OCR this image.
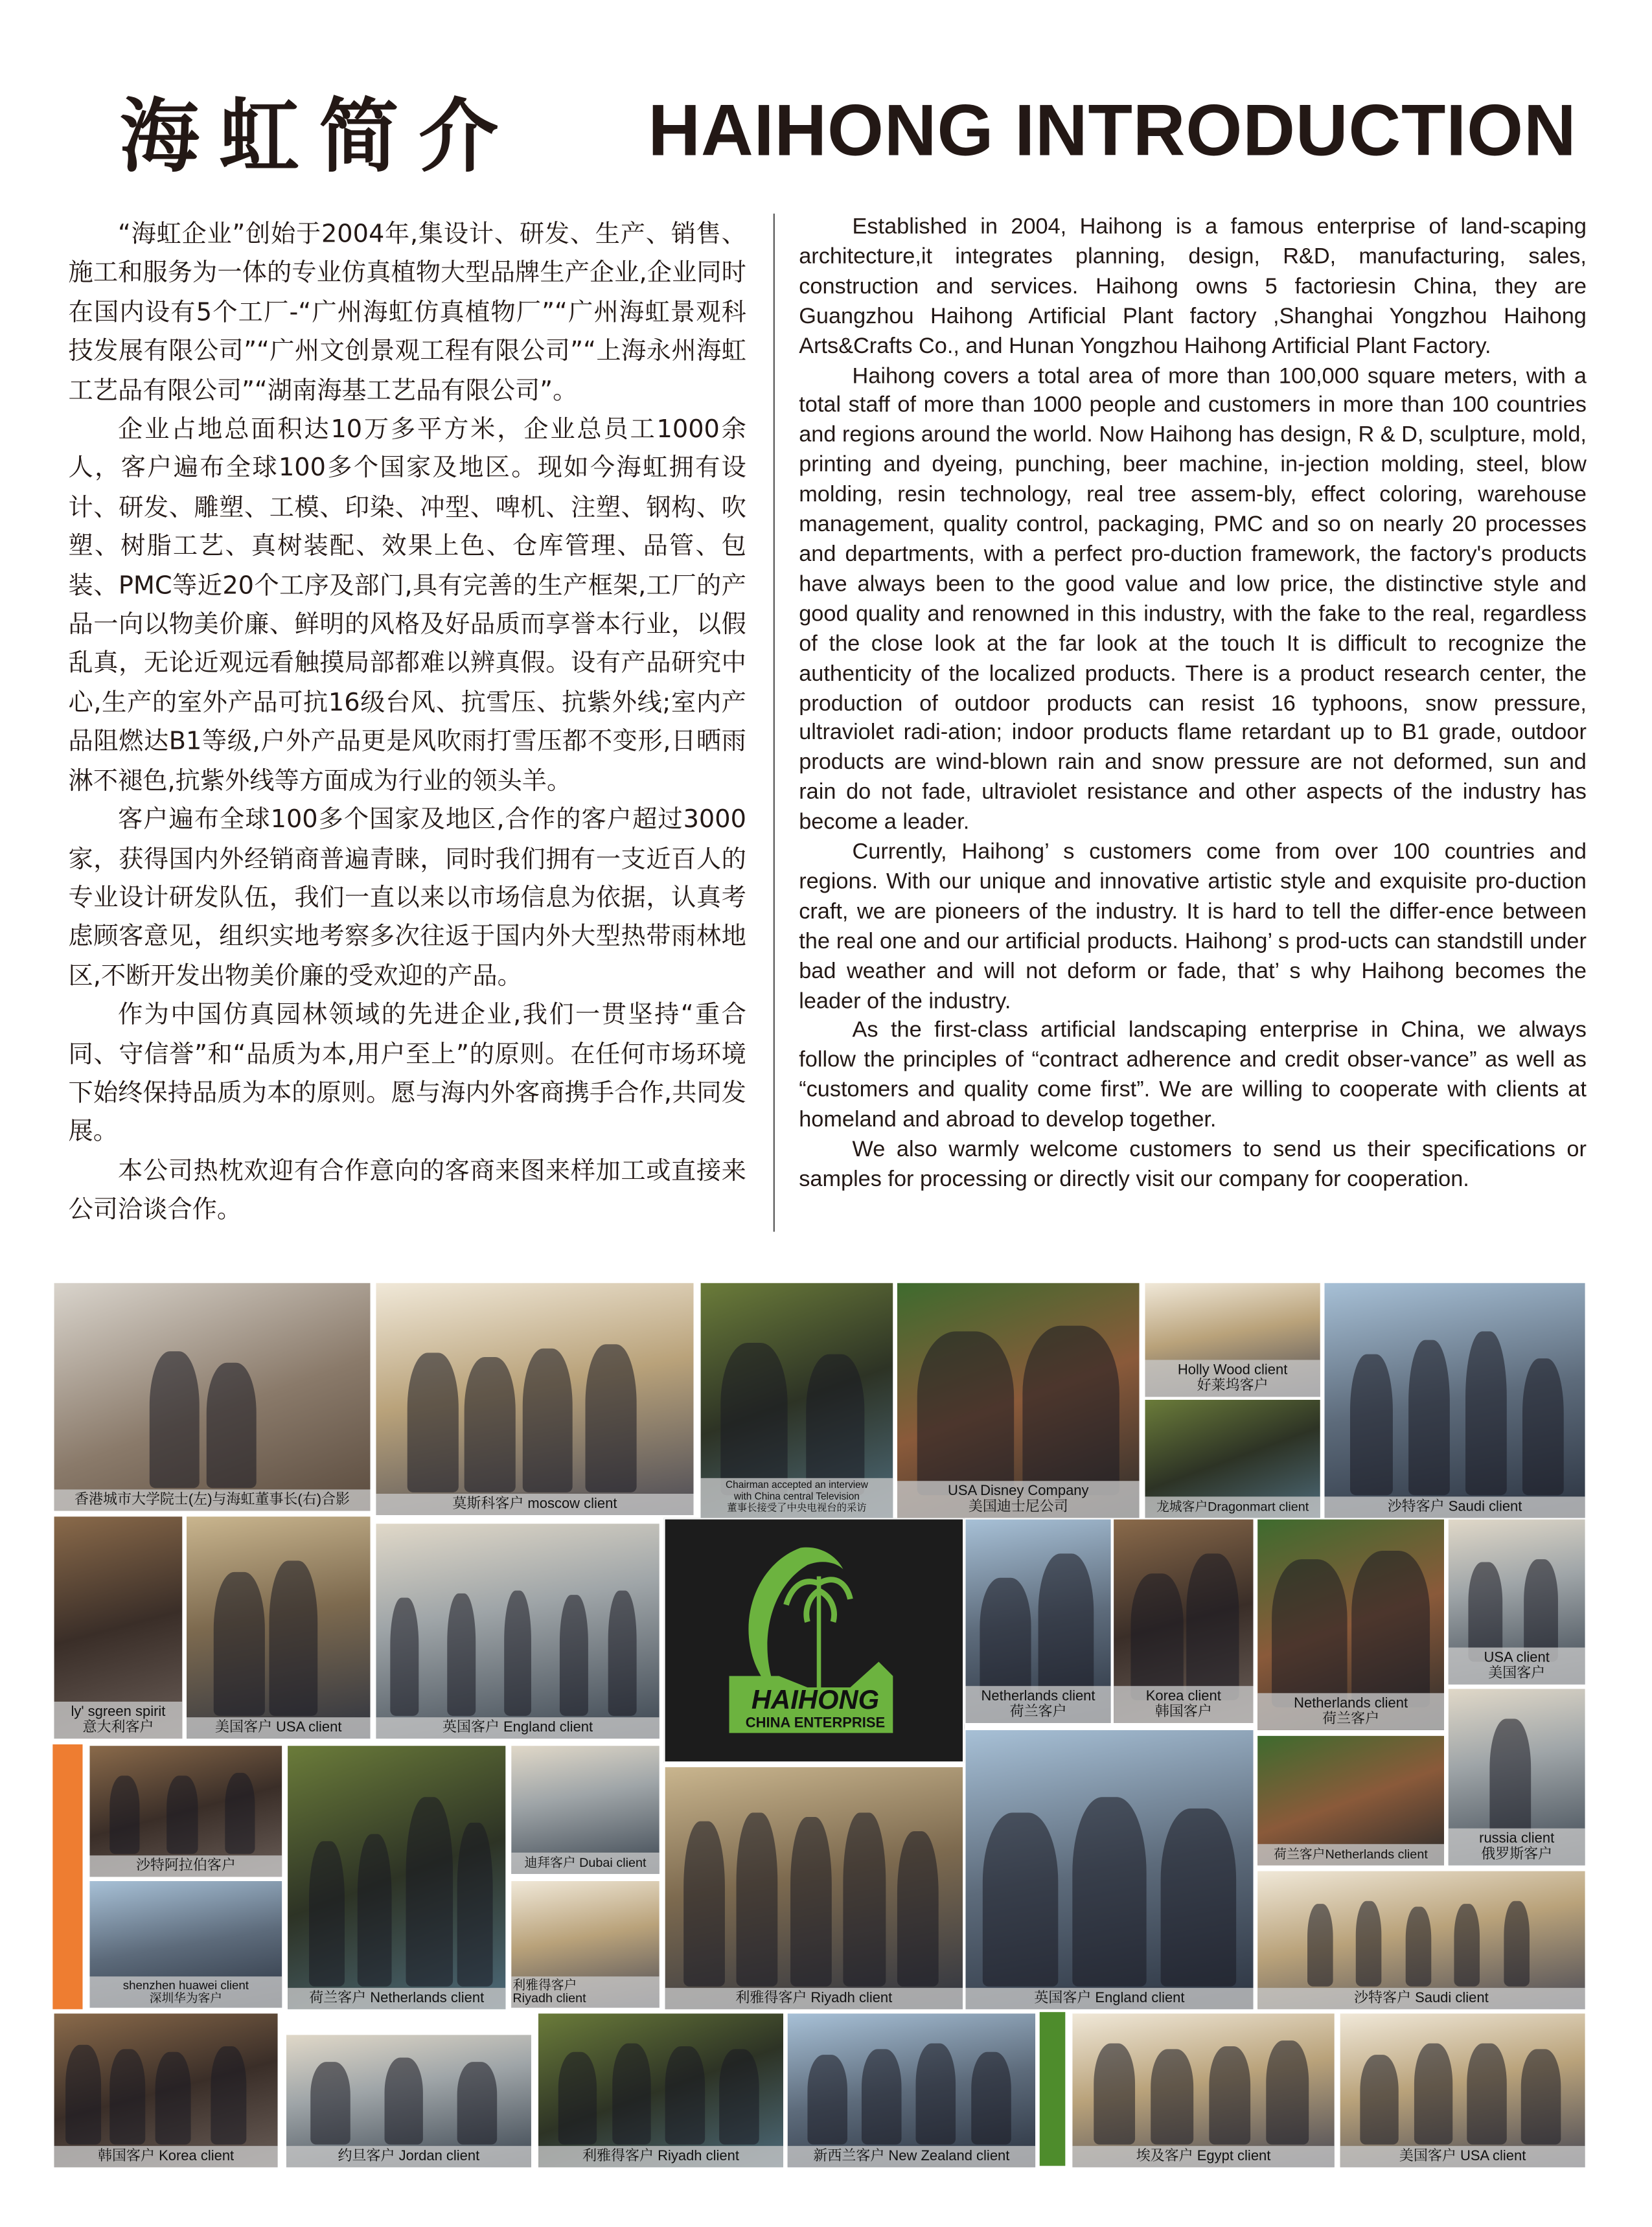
海虹简介	HAIHONG INTRODUCTION

“海虹企业”创始于2004年,集设计、研发、生产、销售、施工和服务为一体的专业仿真植物大型品牌生产企业,企业同时在国内设有5个工厂-“广州海虹仿真植物厂”“广州海虹景观科技发展有限公司”“广州文创景观工程有限公司”“上海永州海虹工艺品有限公司”“湖南海基工艺品有限公司”。

企业占地总面积达10万多平方米，企业总员工1000余人，客户遍布全球100多个国家及地区。现如今海虹拥有设计、研发、雕塑、工模、印染、冲型、啤机、注塑、钢构、吹塑、树脂工艺、真树装配、效果上色、仓库管理、品管、包装、PMC等近20个工序及部门,具有完善的生产框架,工厂的产品一向以物美价廉、鲜明的风格及好品质而享誉本行业，以假乱真，无论近观远看触摸局部都难以辨真假。设有产品研究中心,生产的室外产品可抗16级台风、抗雪压、抗紫外线;室内产品阻燃达B1等级,户外产品更是风吹雨打雪压都不变形,日晒雨淋不褪色,抗紫外线等方面成为行业的领头羊。

客户遍布全球100多个国家及地区,合作的客户超过3000家，获得国内外经销商普遍青睐，同时我们拥有一支近百人的专业设计研发队伍，我们一直以来以市场信息为依据，认真考虑顾客意见，组织实地考察多次往返于国内外大型热带雨林地区,不断开发出物美价廉的受欢迎的产品。

作为中国仿真园林领域的先进企业,我们一贯坚持“重合同、守信誉”和“品质为本,用户至上”的原则。在任何市场环境下始终保持品质为本的原则。愿与海内外客商携手合作,共同发展。

本公司热枕欢迎有合作意向的客商来图来样加工或直接来公司洽谈合作。

Established in 2004, Haihong is a famous enterprise of land-scaping architecture,it integrates planning, design, R&D, manufacturing, sales, construction and services. Haihong owns 5 factoriesin China, they are Guangzhou Haihong Artificial Plant factory ,Shanghai Yongzhou Haihong Arts&Crafts Co., and Hunan Yongzhou Haihong Artificial Plant Factory.

Haihong covers a total area of more than 100,000 square meters, with a total staff of more than 1000 people and customers in more than 100 countries and regions around the world. Now Haihong has design, R & D, sculpture, mold, printing and dyeing, punching, beer machine, in-jection molding, steel, blow molding, resin technology, real tree assem-bly, effect coloring, warehouse management, quality control, packaging, PMC and so on nearly 20 processes and departments, with a perfect pro-duction framework, the factory's products have always been to the good value and low price, the distinctive style and good quality and renowned in this industry, with the fake to the real, regardless of the close look at the far look at the touch It is difficult to recognize the authenticity of the localized products. There is a product research center, the production of outdoor products can resist 16 typhoons, snow pressure, ultraviolet radi-ation; indoor products flame retardant up to B1 grade, outdoor products are wind-blown rain and snow pressure are not deformed, sun and rain do not fade, ultraviolet resistance and other aspects of the industry has become a leader.

Currently, Haihong’ s customers come from over 100 countries and regions. With our unique and innovative artistic style and exquisite pro-duction craft, we are pioneers of the industry. It is hard to tell the differ-ence between the real one and our artificial products. Haihong’ s prod-ucts can standstill under bad weather and will not deform or fade, that’ s why Haihong becomes the leader of the industry.

As the first-class artificial landscaping enterprise in China, we always follow the principles of “contract adherence and credit obser-vance” as well as “customers and quality come first”. We are willing to cooperate with clients at homeland and abroad to develop together.

We also warmly welcome customers to send us their specifications or samples for processing or directly visit our company for cooperation.

香港城市大学院士(左)与海虹董事长(右)合影	莫斯科客户 moscow client
Chairman accepted an interview
with China central Television
董事长接受了中央电视台的采访
USA Disney Company
美国迪士尼公司
Holly Wood client
好莱坞客户
龙城客户Dragonmart client	沙特客户 Saudi client
ly' sgreen spirit
意大利客户	美国客户 USA client	英国客户 England client
HAIHONG
CHINA ENTERPRISE
Netherlands client
荷兰客户
Korea client
韩国客户
Netherlands client
荷兰客户
USA client
美国客户
沙特阿拉伯客户
shenzhen huawei client
深圳华为客户	荷兰客户 Netherlands client
迪拜客户 Dubai client
利雅得客户
Riyadh client	利雅得客户 Riyadh client	英国客户 England client
荷兰客户Netherlands client
russia client
俄罗斯客户
沙特客户 Saudi client
韩国客户 Korea client	约旦客户 Jordan client	利雅得客户 Riyadh client	新西兰客户 New Zealand client	埃及客户 Egypt client	美国客户 USA client
